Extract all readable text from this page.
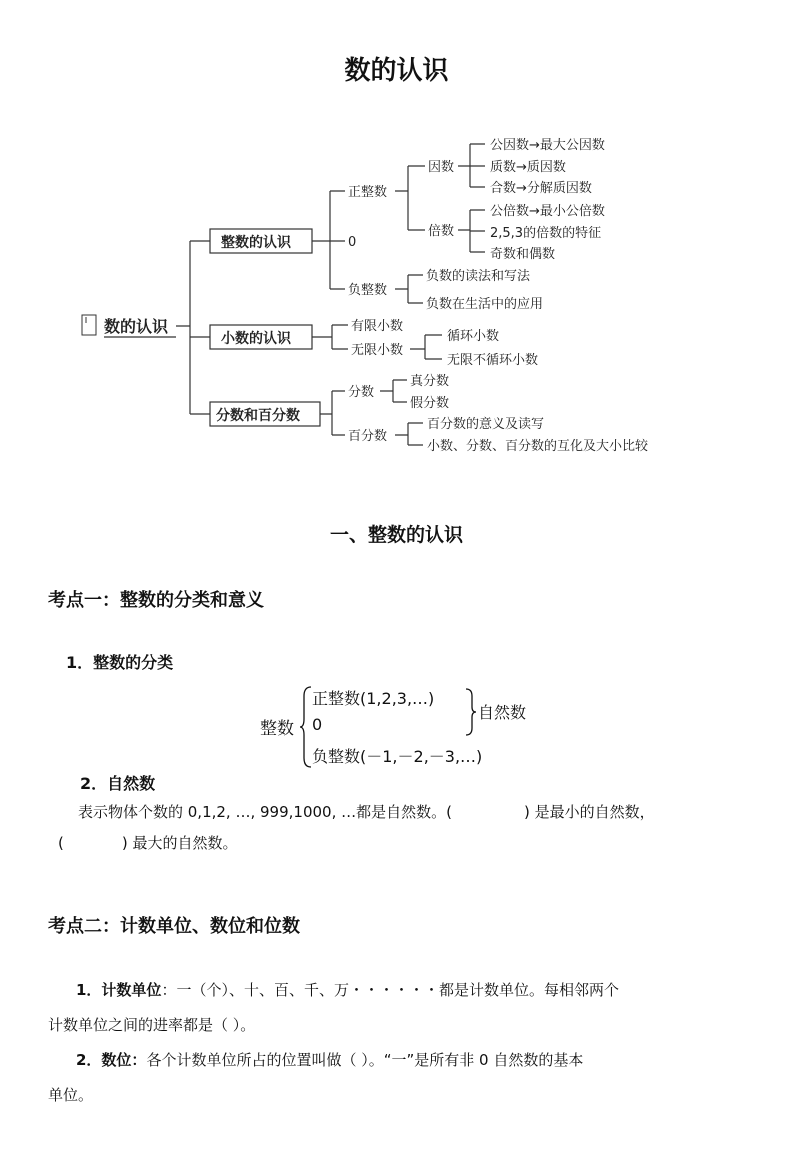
数的认识
数的认识
整数的认识
小数的认识
分数和百分数
正整数
0
负整数
因数
倍数
公因数→最大公因数
质数→质因数
合数→分解质因数
公倍数→最小公倍数
2,5,3的倍数的特征
奇数和偶数
负数的读法和写法
负数在生活中的应用
有限小数
无限小数
循环小数
无限不循环小数
分数
百分数
真分数
假分数
百分数的意义及读写
小数、分数、百分数的互化及大小比较
一、整数的认识
考点一：整数的分类和意义
1．整数的分类
整数
正整数(1,2,3,…)
0
负整数(－1,－2,－3,…)
自然数
2．自然数
表示物体个数的 0,1,2, …, 999,1000, …都是自然数。(	) 是最小的自然数，
(	) 最大的自然数。
考点二：计数单位、数位和位数
1．计数单位：一（个）、十、百、千、万・・・・・・都是计数单位。每相邻两个
计数单位之间的进率都是（ ）。
2．数位：各个计数单位所占的位置叫做（ ）。“一”是所有非 0 自然数的基本
单位。
